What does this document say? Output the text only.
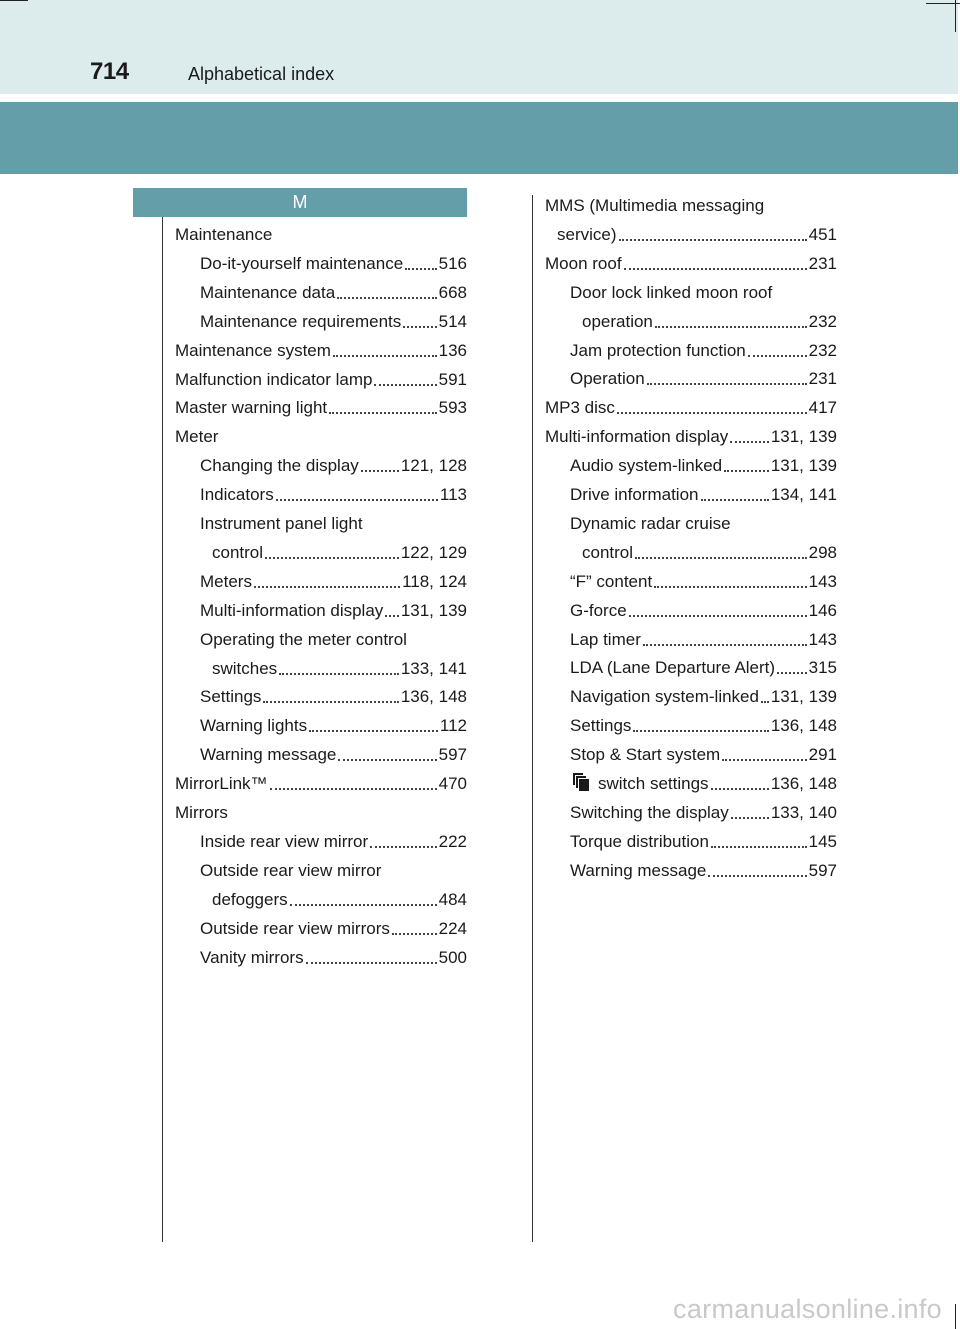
714	Alphabetical index
M
Maintenance
Do-it-yourself maintenance 516
Maintenance data	668
Maintenance requirements 514
Maintenance system	136
Malfunction indicator lamp	591
Master warning light	593
Meter
Changing the display 121, 128
Indicators	113
Instrument panel light
control	122, 129
Meters	118, 124
Multi-information display 131, 139
Operating the meter control
switches	133, 141
Settings	136, 148
Warning lights	112
Warning message	597
MirrorLink™	470
Mirrors
Inside rear view mirror	222
Outside rear view mirror
defoggers	484
Outside rear view mirrors	224
Vanity mirrors	500
MMS (Multimedia messaging
service)	451
Moon roof	231
Door lock linked moon roof
operation	232
Jam protection function	232
Operation	231
MP3 disc	417
Multi-information display	131, 139
Audio system-linked	131, 139
Drive information	134, 141
Dynamic radar cruise
control	298
“F” content	143
G-force	146
Lap timer	143
LDA (Lane Departure Alert) 315
Navigation system-linked 131, 139
Settings	136, 148
Stop & Start system	291
switch settings	136, 148
Switching the display 133, 140
Torque distribution	145
Warning message	597
carmanualsonline.info
